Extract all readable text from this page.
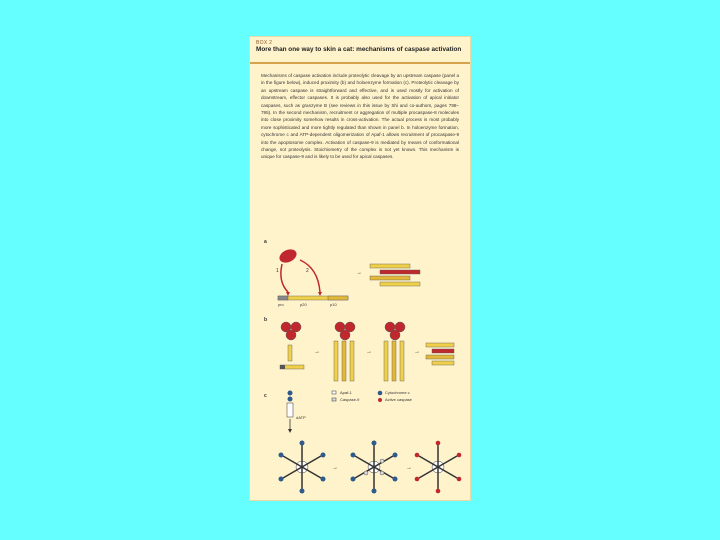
BOX 2
More than one way to skin a cat: mechanisms of caspase activation
Mechanisms of caspase activation include proteolytic cleavage by an upstream caspase (panel a in the figure below), induced proximity (b) and holoenzyme formation (c). Proteolytic cleavage by an upstream caspase is straightforward and effective, and is used mostly for activation of downstream, effector caspases. It is probably also used for the activation of apical initiator caspases, such as granzyme B (see reviews in this issue by Shi and co-authors, pages 788–795). In the second mechanism, recruitment or aggregation of multiple procaspase-8 molecules into close proximity somehow results in cross-activation. The actual process is most probably more sophisticated and more tightly regulated than shown in panel b. In holoenzyme formation, cytochrome c and ATP-dependent oligomerization of Apaf-1 allows recruitment of procaspase-9 into the apoptosome complex. Activation of caspase-9 is mediated by means of conformational change, not proteolysis. Stoichiometry of the complex is not yet known. This mechanism is unique for caspase-9 and is likely to be used for apical caspases.
a
b
c
1	2
pro	p20	p10
→
→	→	→
Apaf-1
Caspase-9
Cytochrome c
Active caspase
dATP
→	→
